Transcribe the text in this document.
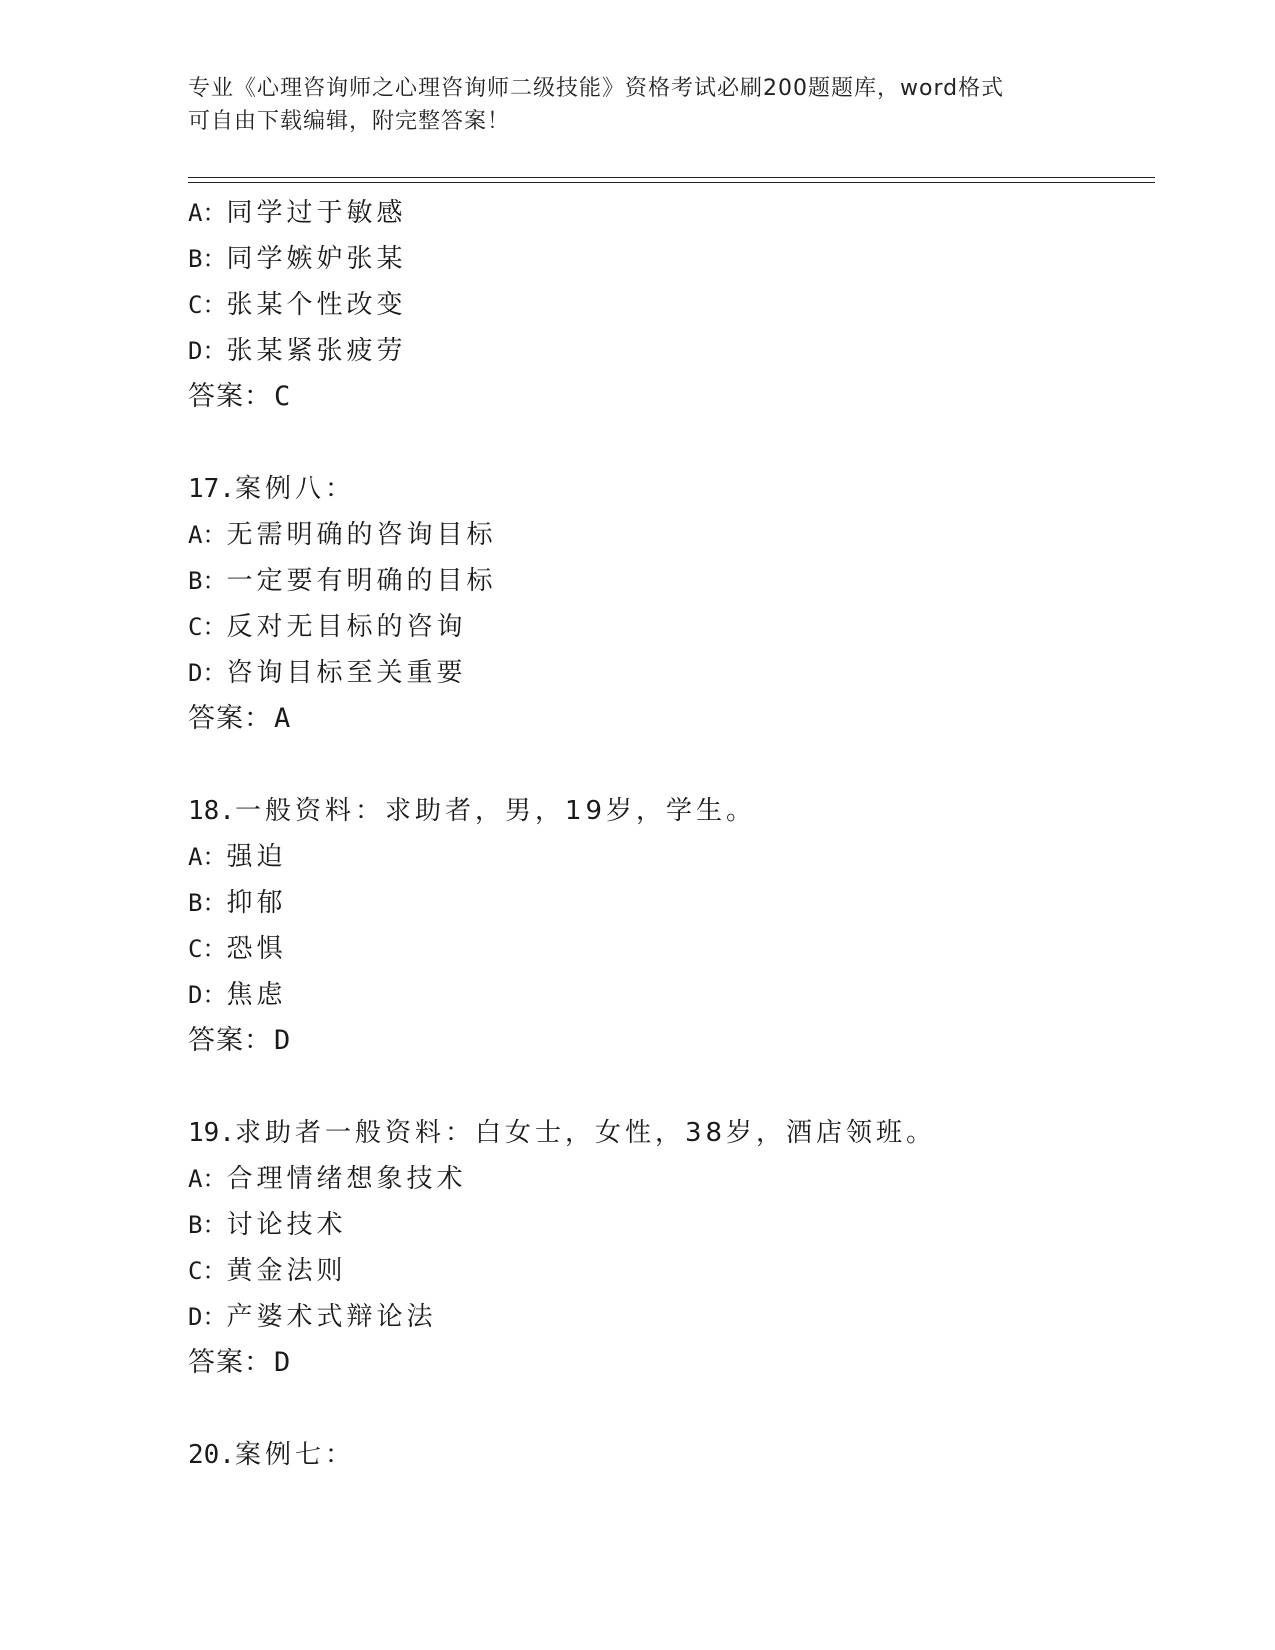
专业《心理咨询师之心理咨询师二级技能》资格考试必刷200题题库，word格式
可自由下载编辑，附完整答案！
A：同学过于敏感
B：同学嫉妒张某
C：张某个性改变
D：张某紧张疲劳
答案：C
17.案例八：
A：无需明确的咨询目标
B：一定要有明确的目标
C：反对无目标的咨询
D：咨询目标至关重要
答案：A
18.一般资料：求助者，男，19岁，学生。
A：强迫
B：抑郁
C：恐惧
D：焦虑
答案：D
19.求助者一般资料：白女士，女性，38岁，酒店领班。
A：合理情绪想象技术
B：讨论技术
C：黄金法则
D：产婆术式辩论法
答案：D
20.案例七：
